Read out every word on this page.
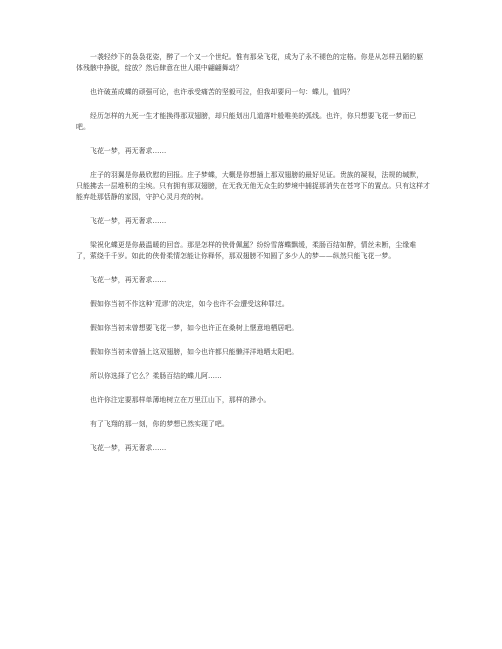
一袭轻纱下的袅袅花姿，醉了一个又一个世纪。惟有那朵飞花，成为了永不褪色的定格。你是从怎样丑陋的躯体残骸中挣脱，绽放？然后肆意在世人眼中翩翩舞动？

也许破茧成蝶的顽强可论，也许承受痛苦的坚毅可泣，但我却要问一句：蝶儿，值吗？

经历怎样的九死一生才能换得那双翅膀，却只能划出几道落叶般唯美的弧线。也许，你只想要飞花一梦而已吧。

飞花一梦，再无奢求……

庄子的羽翼是你最欣慰的回报。庄子梦蝶，大概是你想插上那双翅膀的最好见证。贵族的凝视，法规的缄默，只能拂去一层堆积的尘埃。只有拥有那双翅膀，在无我无他无众生的梦境中捕捉那消失在苍穹下的置点。只有这样才能弃赴那恬静的家园，守护心灵月亮的树。

飞花一梦，再无奢求……

梁祝化蝶更是你最温暖的回音。那是怎样的侠骨佩氲？纷纷雪落蝶飘缓，柔肠百结如醉，情丝未断，尘缘难了，萦绕千千岁。如此的侠骨柔情怎能让你释怀，那双翅膀不知圆了多少人的梦——纵然只能飞花一梦。

飞花一梦，再无奢求……

假如你当初不作这种‘荒谬’的决定，如今也许不会遭受这种罪过。

假如你当初未曾想要飞花一梦，如今也许正在桑树上惬意地栖居吧。

假如你当初未曾插上这双翅膀，如今也许都只能懒洋洋地晒太阳吧。

所以你选择了它么？柔肠百结的蝶儿阿……

也许你注定要那样单薄地树立在万里江山下，那样的渺小。

有了飞翔的那一刻，你的梦想已然实现了吧。

飞花一梦，再无奢求……
